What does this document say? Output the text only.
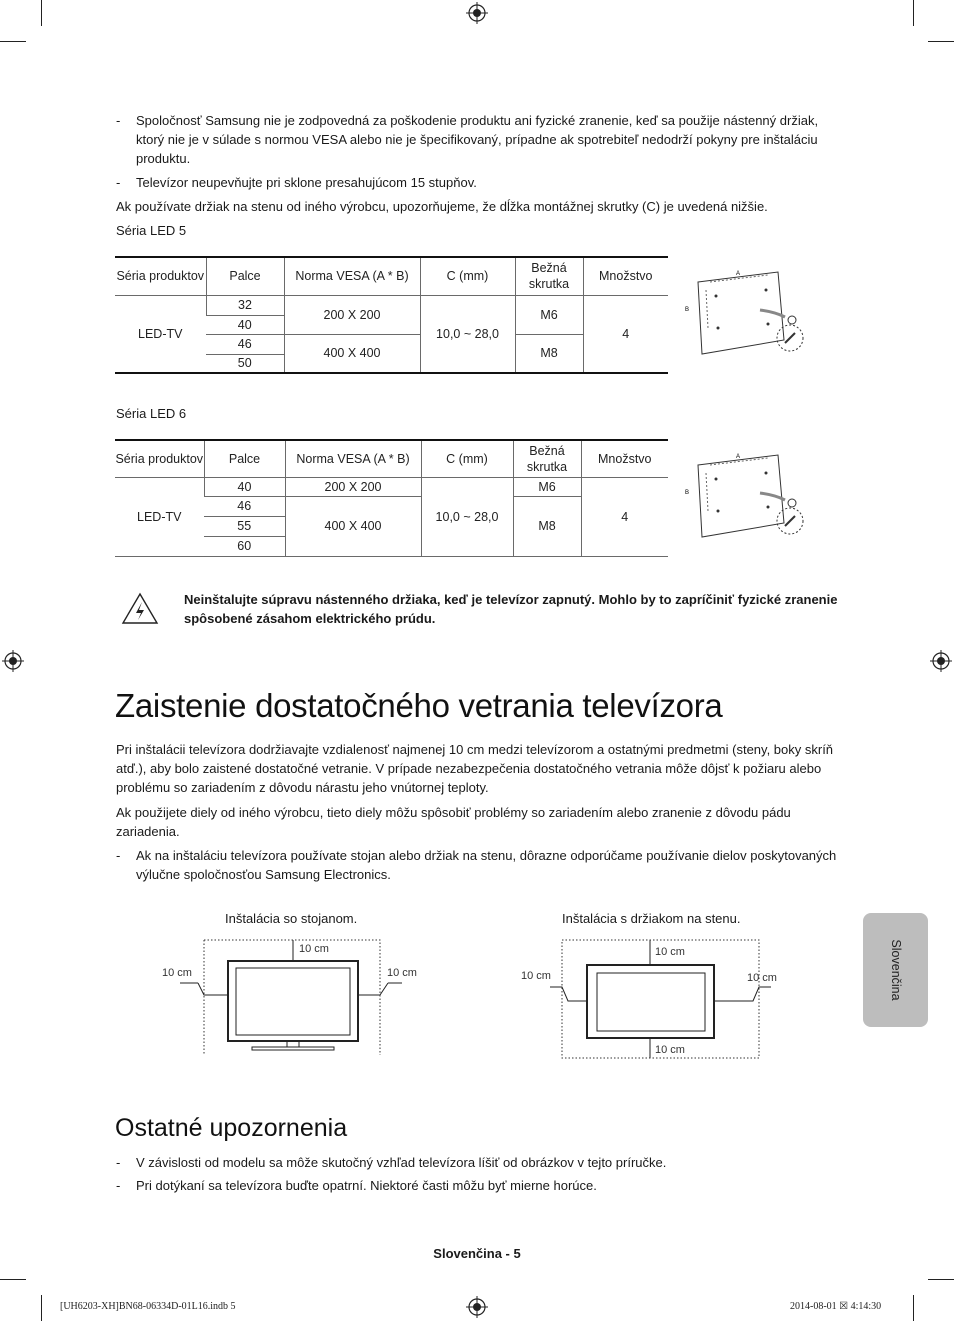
- Spoločnosť Samsung nie je zodpovedná za poškodenie produktu ani fyzické zranenie, keď sa použije nástenný držiak, ktorý nie je v súlade s normou VESA alebo nie je špecifikovaný, prípadne ak spotrebiteľ nedodrží pokyny pre inštaláciu produktu.
- Televízor neupevňujte pri sklone presahujúcom 15 stupňov.
Ak používate držiak na stenu od iného výrobcu, upozorňujeme, že dĺžka montážnej skrutky (C) je uvedená nižšie.
Séria LED 5
Séria produktov	Palce	Norma VESA (A * B)	C (mm)	Bežná skrutka	Množstvo
LED-TV	32	200 X 200	10,0 ~ 28,0	M6	4
	40				
	46	400 X 400		M8	
	50				
A
B
Séria LED 6
Séria produktov	Palce	Norma VESA (A * B)	C (mm)	Bežná skrutka	Množstvo
LED-TV	40	200 X 200	10,0 ~ 28,0	M6	4
	46	400 X 400		M8	
	55				
	60				
A
B
Neinštalujte súpravu nástenného držiaka, keď je televízor zapnutý. Mohlo by to zapríčiniť fyzické zranenie spôsobené zásahom elektrického prúdu.
Zaistenie dostatočného vetrania televízora
Pri inštalácii televízora dodržiavajte vzdialenosť najmenej 10 cm medzi televízorom a ostatnými predmetmi (steny, boky skríň atď.), aby bolo zaistené dostatočné vetranie. V prípade nezabezpečenia dostatočného vetrania môže dôjsť k požiaru alebo problému so zariadením z dôvodu nárastu jeho vnútornej teploty.
Ak použijete diely od iného výrobcu, tieto diely môžu spôsobiť problémy so zariadením alebo zranenie z dôvodu pádu zariadenia.
- Ak na inštaláciu televízora používate stojan alebo držiak na stenu, dôrazne odporúčame používanie dielov poskytovaných výlučne spoločnosťou Samsung Electronics.
Inštalácia so stojanom.
10 cm
10 cm	10 cm
Inštalácia s držiakom na stenu.
10 cm
10 cm	10 cm
10 cm
Ostatné upozornenia
- V závislosti od modelu sa môže skutočný vzhľad televízora líšiť od obrázkov v tejto príručke.
- Pri dotýkaní sa televízora buďte opatrní. Niektoré časti môžu byť mierne horúce.
Slovenčina
Slovenčina - 5
[UH6203-XH]BN68-06334D-01L16.indb 5	2014-08-01 ☒ 4:14:30
